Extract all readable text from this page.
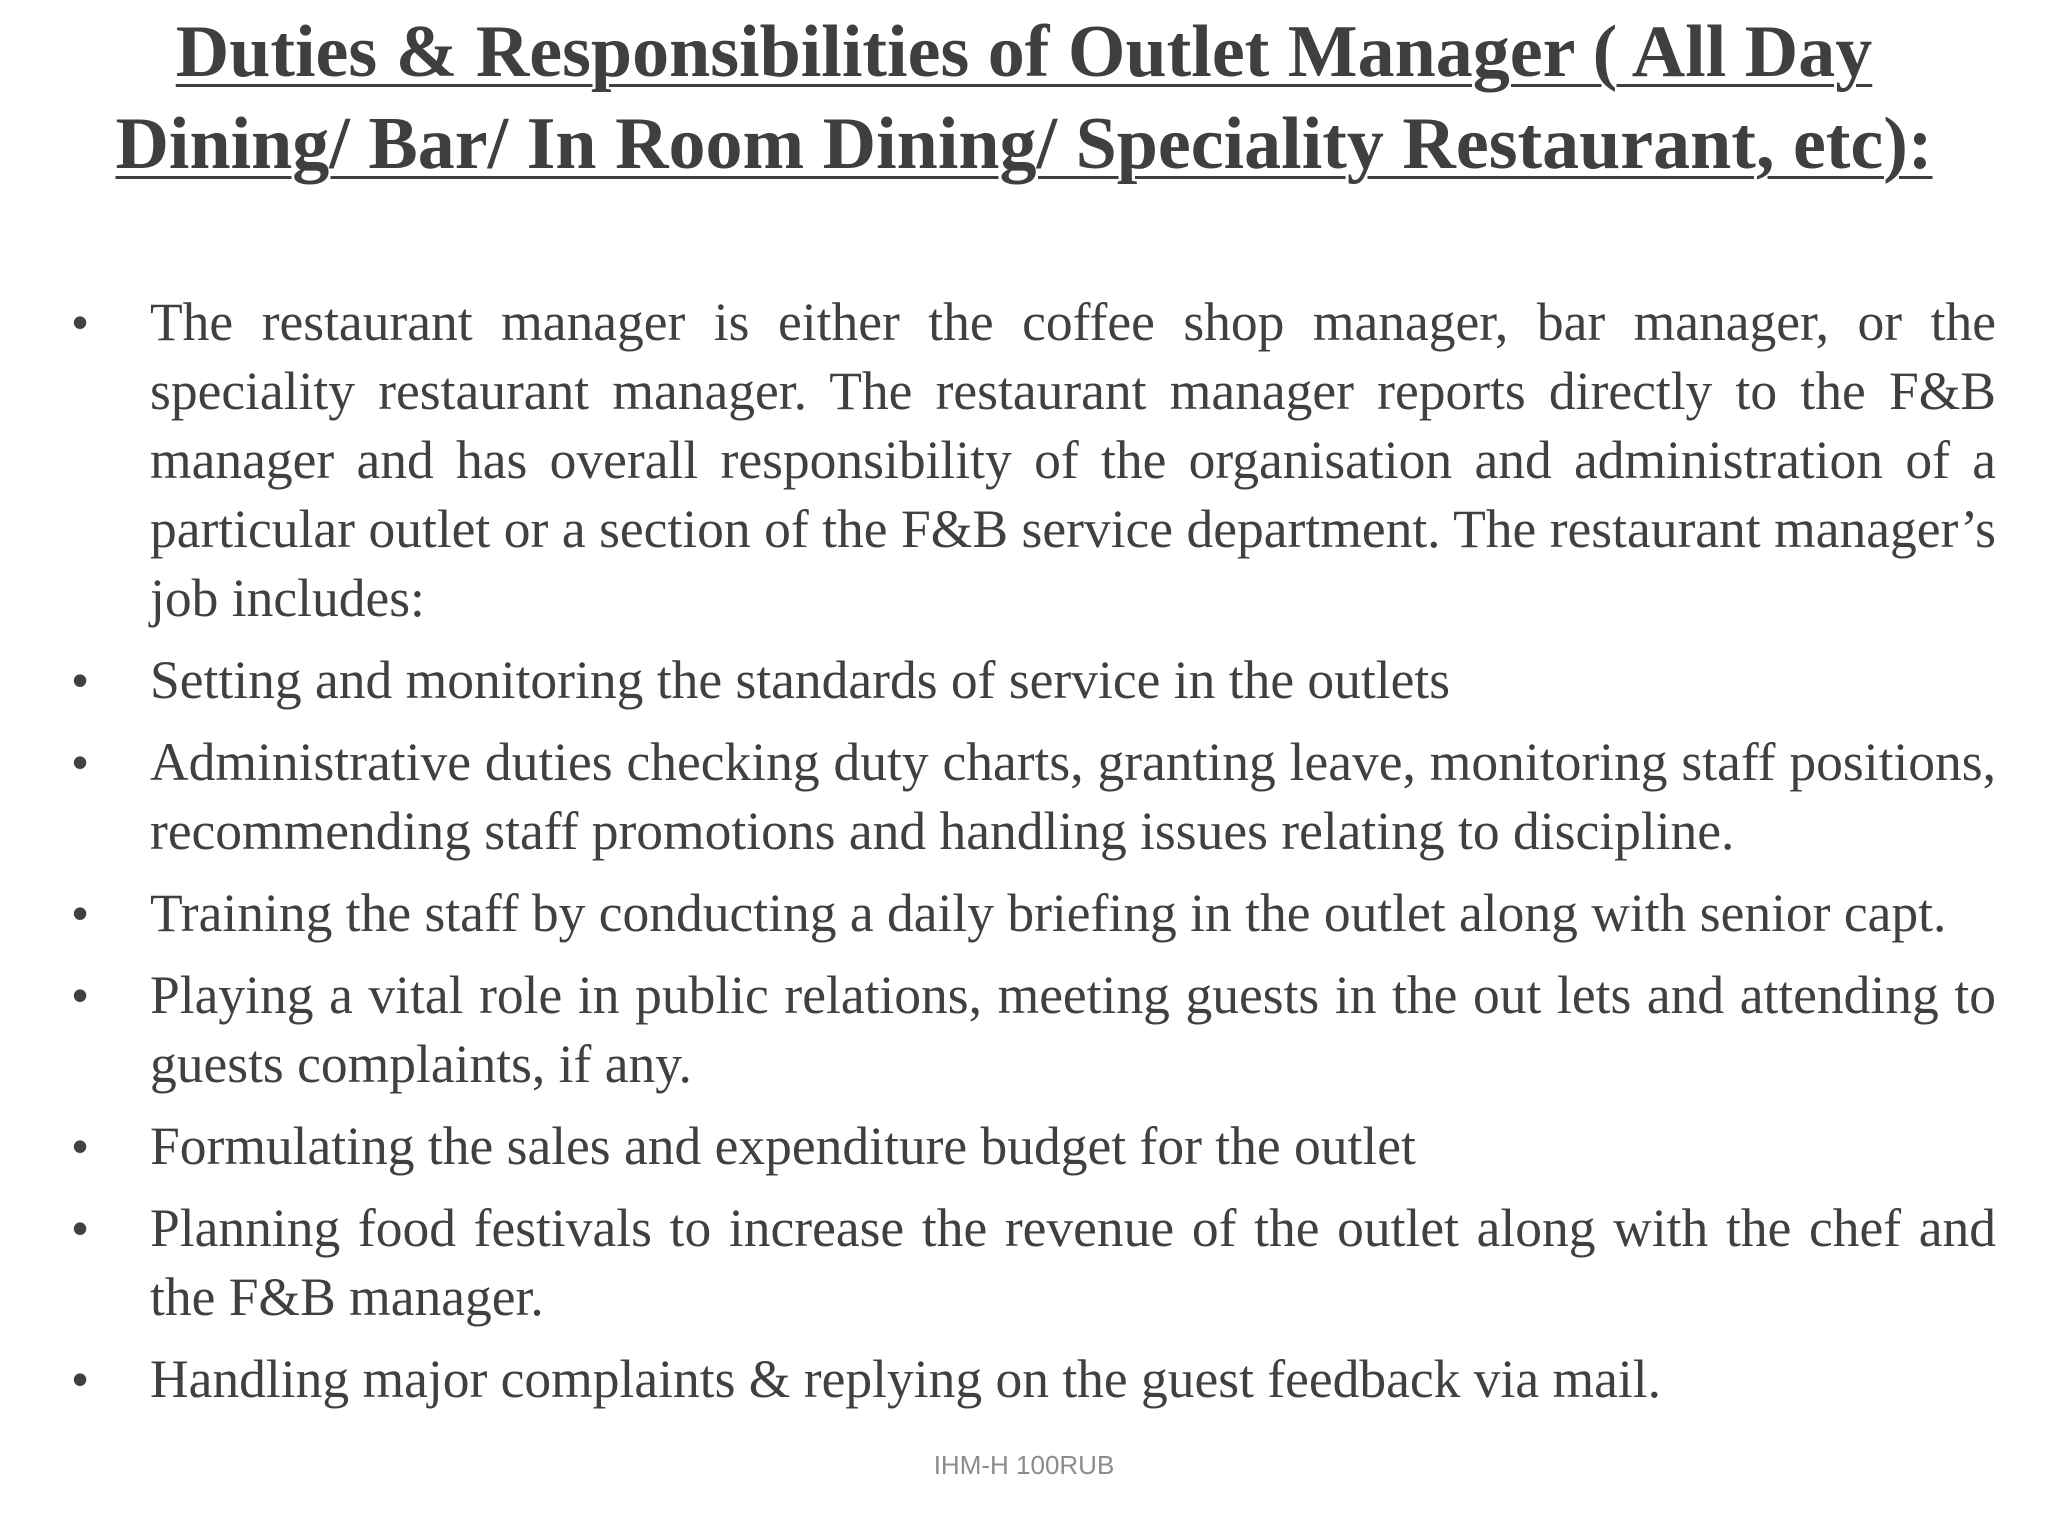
Duties & Responsibilities of Outlet Manager ( All Day Dining/ Bar/ In Room Dining/ Speciality Restaurant, etc):
• The restaurant manager is either the coffee shop manager, bar manager, or the speciality restaurant manager. The restaurant manager reports directly to the F&B manager and has overall responsibility of the organisation and administration of a particular outlet or a section of the F&B service department. The restaurant manager’s job includes:
• Setting and monitoring the standards of service in the outlets
• Administrative duties checking duty charts, granting leave, monitoring staff positions, recommending staff promotions and handling issues relating to discipline.
• Training the staff by conducting a daily briefing in the outlet along with senior capt.
• Playing a vital role in public relations, meeting guests in the out lets and attending to guests complaints, if any.
• Formulating the sales and expenditure budget for the outlet
• Planning food festivals to increase the revenue of the outlet along with the chef and the F&B manager.
• Handling major complaints & replying on the guest feedback via mail.
IHM-H 100RUB
